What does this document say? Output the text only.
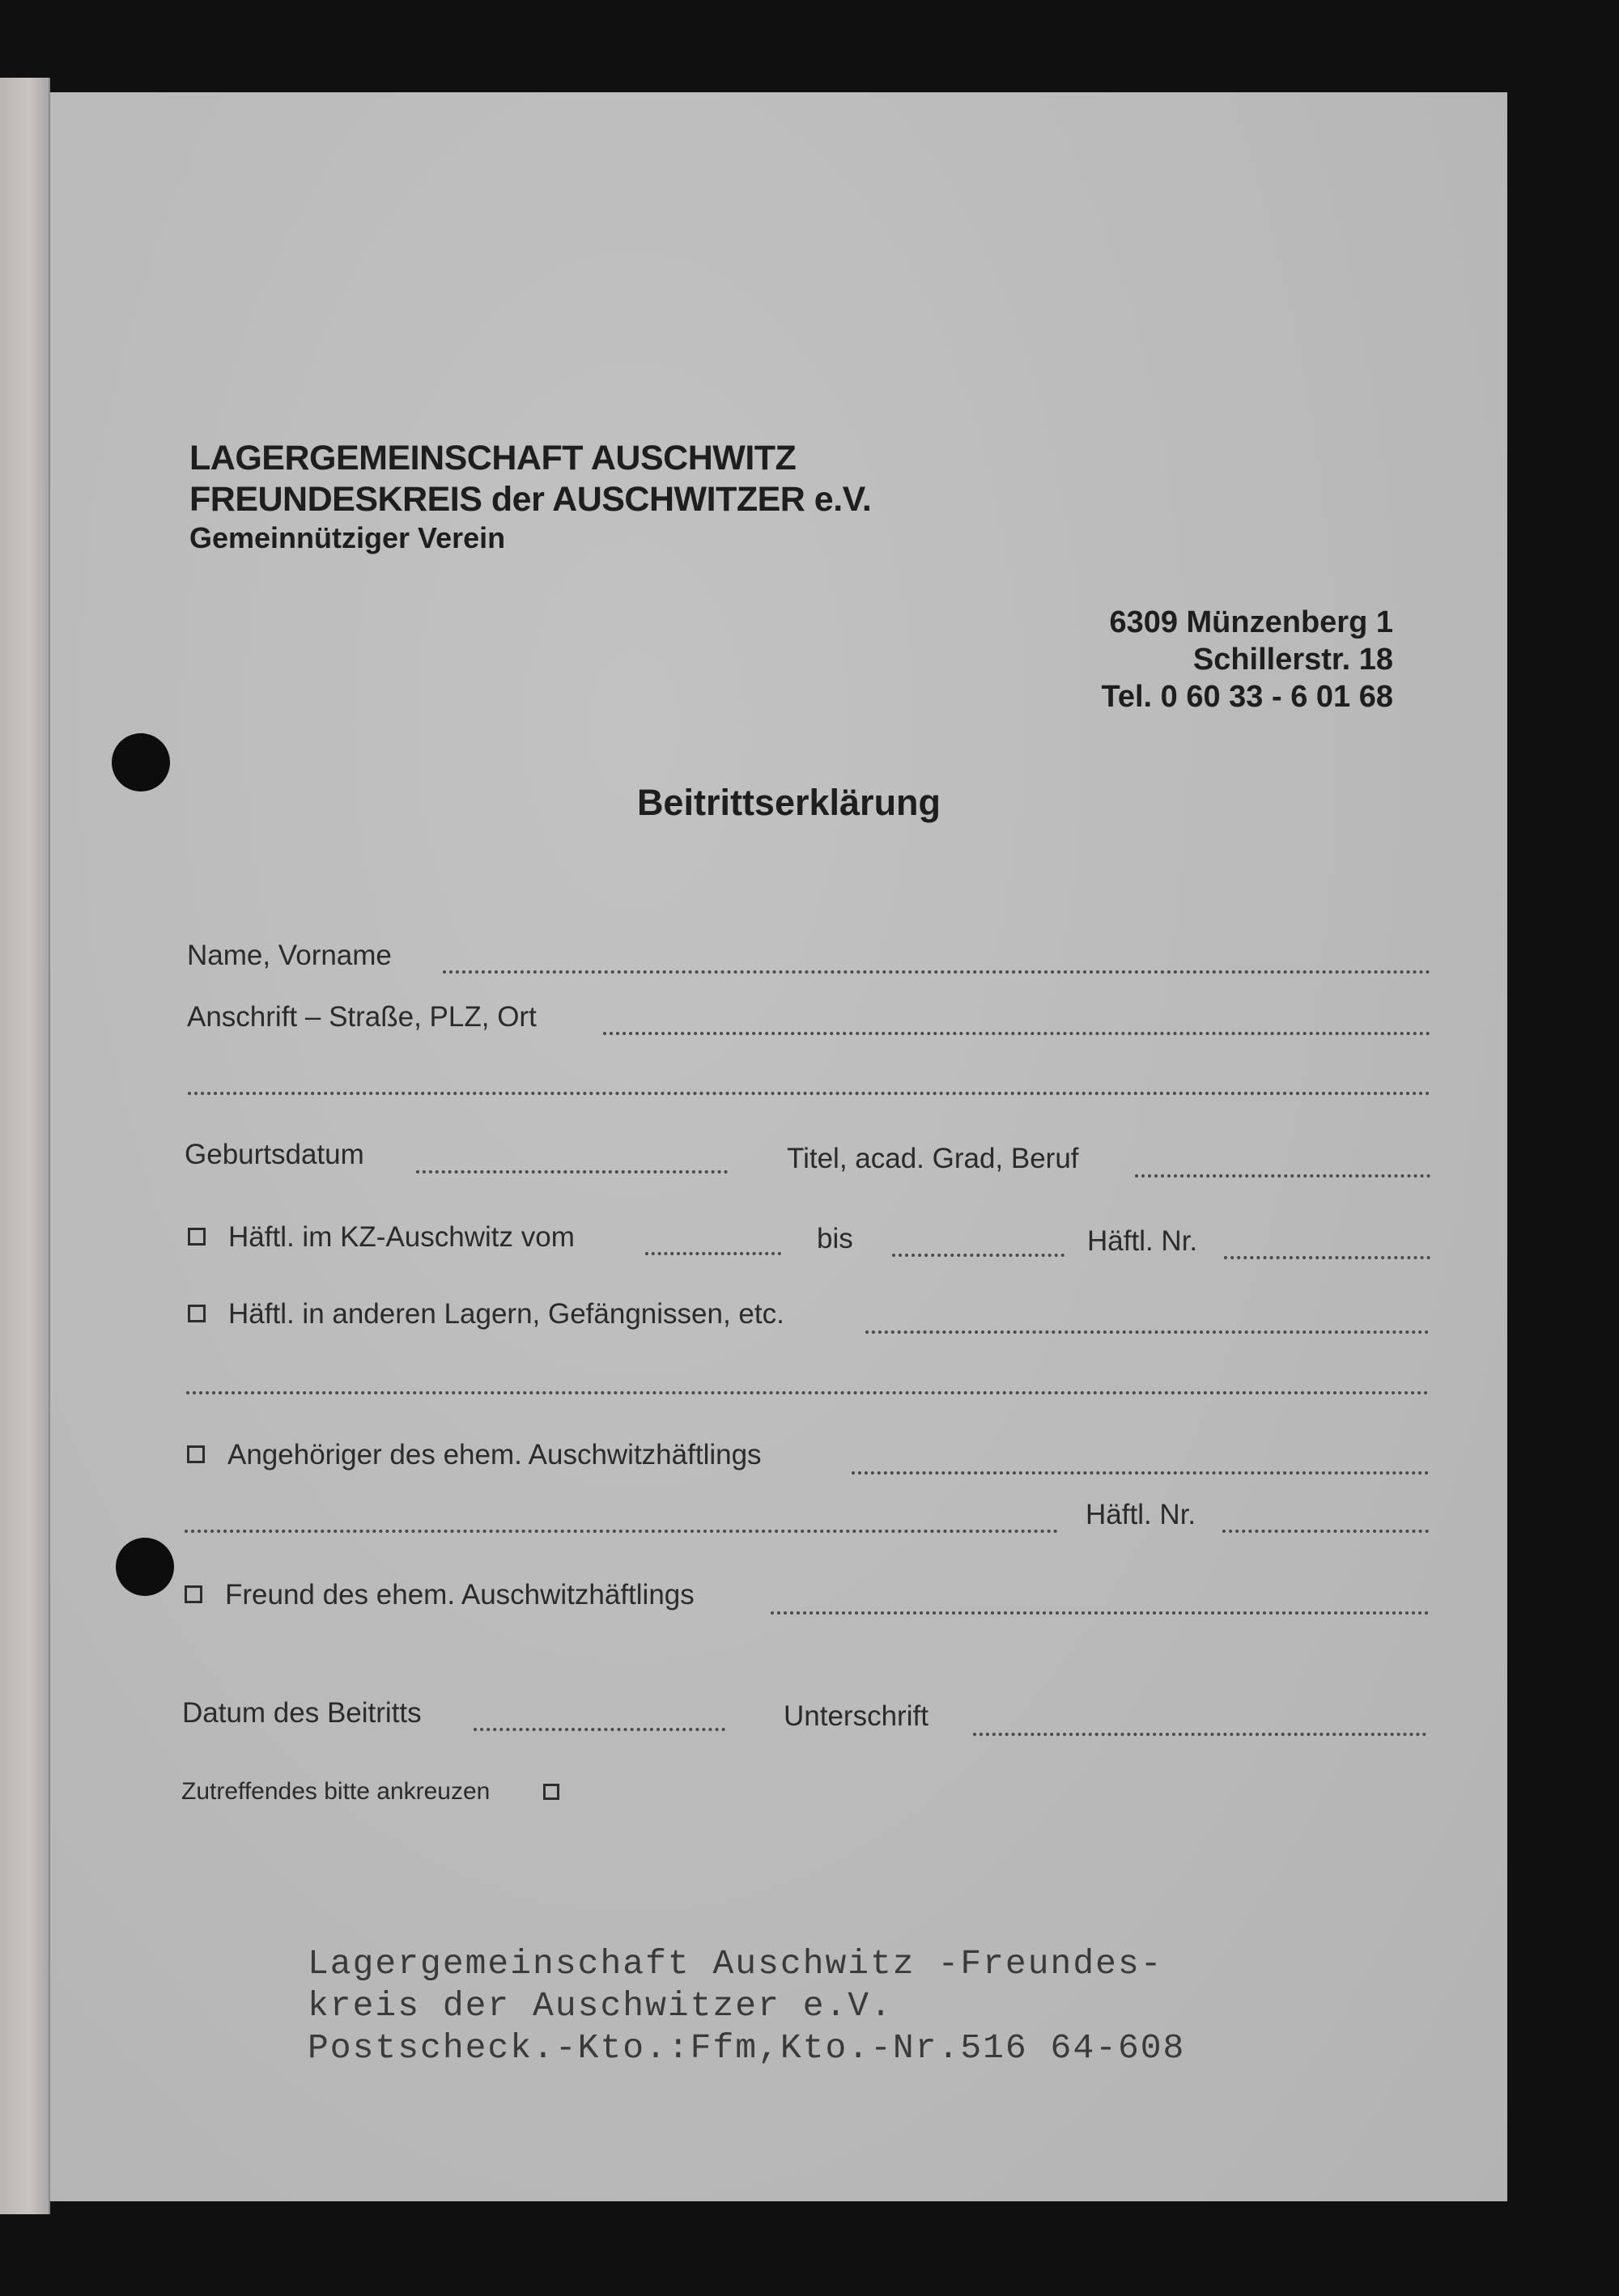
LAGERGEMEINSCHAFT AUSCHWITZ
FREUNDESKREIS der AUSCHWITZER e.V.
Gemeinnütziger Verein
6309 Münzenberg 1
Schillerstr. 18
Tel. 0 60 33 - 6 01 68
Beitrittserklärung
Name, Vorname
Anschrift – Straße, PLZ, Ort
Geburtsdatum	Titel, acad. Grad, Beruf
Häftl. im KZ-Auschwitz vom	bis	Häftl. Nr.
Häftl. in anderen Lagern, Gefängnissen, etc.
Angehöriger des ehem. Auschwitzhäftlings
Häftl. Nr.
Freund des ehem. Auschwitzhäftlings
Datum des Beitritts	Unterschrift
Zutreffendes bitte ankreuzen
Lagergemeinschaft Auschwitz -Freundes-
kreis der Auschwitzer e.V.
Postscheck.-Kto.:Ffm,Kto.-Nr.516 64-608
